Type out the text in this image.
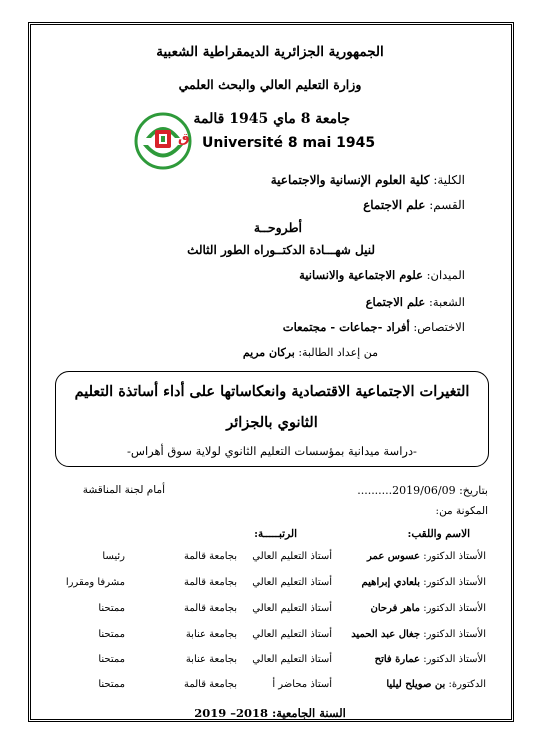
الجمهورية الجزائرية الديمقراطية الشعبية
وزارة التعليم العالي والبحث العلمي
جامعة 8 ماي 1945 قالمة
Université 8 mai 1945
ق
الكلية: كلية العلوم الإنسانية والاجتماعية
القسم: علم الاجتماع
أطروحــة
لنيل شهـــادة الدكتــوراه الطور الثالث
الميدان: علوم الاجتماعية والانسانية
الشعبة: علم الاجتماع
الاختصاص: أفراد -جماعات - مجتمعات
من إعداد الطالبة: بركان مريم
التغيرات الاجتماعية الاقتصادية وانعكاساتها على أداء أساتذة التعليم
الثانوي بالجزائر
-دراسة ميدانية بمؤسسات التعليم الثانوي لولاية سوق أهراس-
بتاريخ: 2019/06/09..........
أمام لجنة المناقشة
المكونة من:
الاسم واللقب:
الرتبـــــة:
الأستاذ الدكتور: عسوس عمر
أستاذ التعليم العالي
بجامعة قالمة
رئيسا
الأستاذ الدكتور: بلعادي إبراهيم
أستاذ التعليم العالي
بجامعة قالمة
مشرفا ومقررا
الأستاذ الدكتور: ماهر فرحان
أستاذ التعليم العالي
بجامعة قالمة
ممتحنا
الأستاذ الدكتور: جغال عبد الحميد
أستاذ التعليم العالي
بجامعة عنابة
ممتحنا
الأستاذ الدكتور: عمارة فاتح
أستاذ التعليم العالي
بجامعة عنابة
ممتحنا
الدكتورة: بن صويلح ليليا
أستاذ محاضر أ
بجامعة قالمة
ممتحنا
السنة الجامعية: 2018– 2019
